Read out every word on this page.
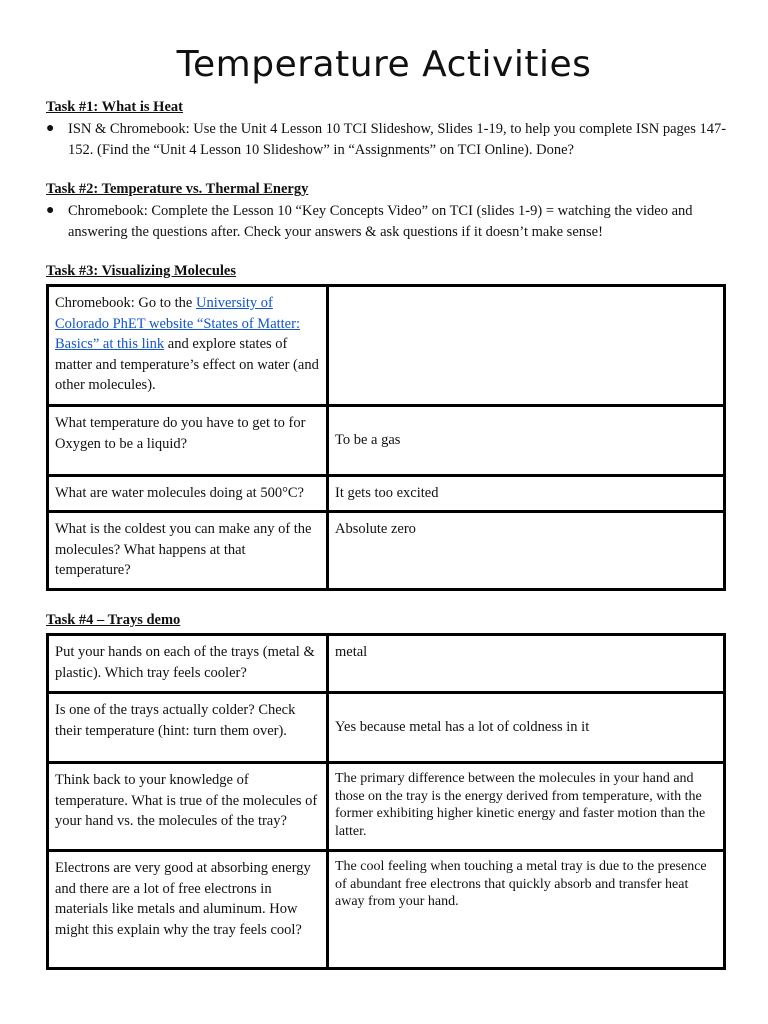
Temperature Activities
Task #1: What is Heat
● ISN & Chromebook: Use the Unit 4 Lesson 10 TCI Slideshow, Slides 1-19, to help you complete ISN pages 147-152. (Find the “Unit 4 Lesson 10 Slideshow” in “Assignments” on TCI Online). Done?
Task #2: Temperature vs. Thermal Energy
● Chromebook: Complete the Lesson 10 “Key Concepts Video” on TCI (slides 1-9) = watching the video and answering the questions after. Check your answers & ask questions if it doesn’t make sense!
Task #3: Visualizing Molecules
Chromebook: Go to the University of Colorado PhET website “States of Matter: Basics” at this link and explore states of matter and temperature’s effect on water (and other molecules).	
What temperature do you have to get to for Oxygen to be a liquid?	To be a gas
What are water molecules doing at 500°C?	It gets too excited
What is the coldest you can make any of the molecules? What happens at that temperature?	Absolute zero
Task #4 – Trays demo
Put your hands on each of the trays (metal & plastic). Which tray feels cooler?	metal
Is one of the trays actually colder? Check their temperature (hint: turn them over).	Yes because metal has a lot of coldness in it
Think back to your knowledge of temperature. What is true of the molecules of your hand vs. the molecules of the tray?	The primary difference between the molecules in your hand and those on the tray is the energy derived from temperature, with the former exhibiting higher kinetic energy and faster motion than the latter.
Electrons are very good at absorbing energy and there are a lot of free electrons in materials like metals and aluminum. How might this explain why the tray feels cool?	The cool feeling when touching a metal tray is due to the presence of abundant free electrons that quickly absorb and transfer heat away from your hand.
